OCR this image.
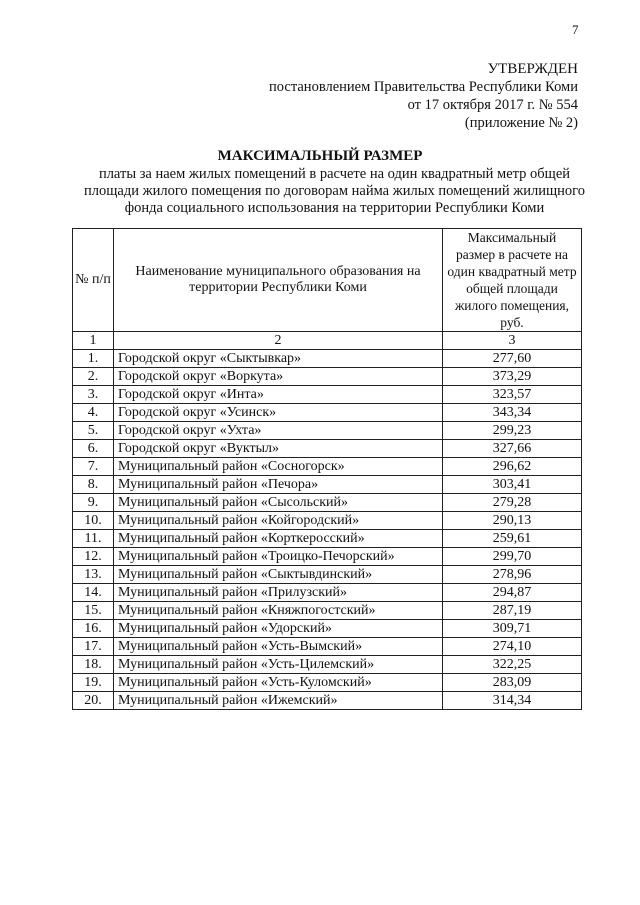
7
УТВЕРЖДЕН
постановлением Правительства Республики Коми
от 17 октября 2017 г. № 554
(приложение № 2)
МАКСИМАЛЬНЫЙ РАЗМЕР
платы за наем жилых помещений в расчете на один квадратный метр общей площади жилого помещения по договорам найма жилых помещений жилищного фонда социального использования на территории Республики Коми
№ п/п	Наименование муниципального образования на территории Республики Коми	Максимальный размер в расчете на один квадратный метр общей площади жилого помещения, руб.
1	2	3
1.	Городской округ «Сыктывкар»	277,60
2.	Городской округ «Воркута»	373,29
3.	Городской округ «Инта»	323,57
4.	Городской округ «Усинск»	343,34
5.	Городской округ «Ухта»	299,23
6.	Городской округ «Вуктыл»	327,66
7.	Муниципальный район «Сосногорск»	296,62
8.	Муниципальный район «Печора»	303,41
9.	Муниципальный район «Сысольский»	279,28
10.	Муниципальный район «Койгородский»	290,13
11.	Муниципальный район «Корткеросский»	259,61
12.	Муниципальный район «Троицко-Печорский»	299,70
13.	Муниципальный район «Сыктывдинский»	278,96
14.	Муниципальный район «Прилузский»	294,87
15.	Муниципальный район «Княжпогостский»	287,19
16.	Муниципальный район «Удорский»	309,71
17.	Муниципальный район «Усть-Вымский»	274,10
18.	Муниципальный район «Усть-Цилемский»	322,25
19.	Муниципальный район «Усть-Куломский»	283,09
20.	Муниципальный район «Ижемский»	314,34
